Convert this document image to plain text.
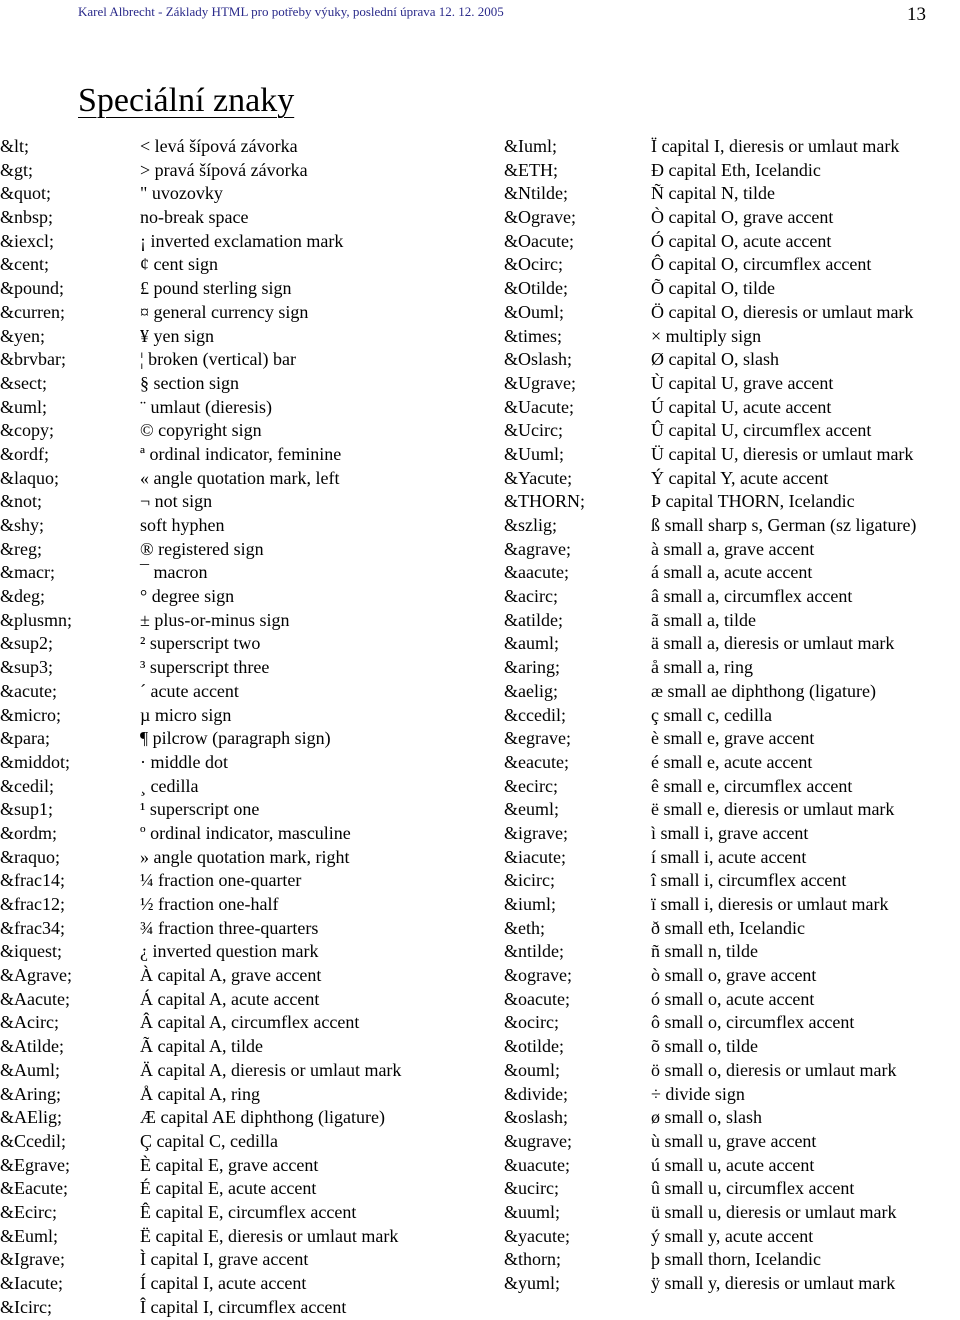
Karel Albrecht - Základy HTML pro potřeby výuky, poslední úprava 12. 12. 2005	13
Speciální znaky
&lt;	< levá šípová závorka
&gt;	> pravá šípová závorka
&quot;	" uvozovky
&nbsp;	no-break space
&iexcl;	¡ inverted exclamation mark
&cent;	¢ cent sign
&pound;	£ pound sterling sign
&curren;	¤ general currency sign
&yen;	¥ yen sign
&brvbar;	¦ broken (vertical) bar
&sect;	§ section sign
&uml;	¨ umlaut (dieresis)
&copy;	© copyright sign
&ordf;	ª ordinal indicator, feminine
&laquo;	« angle quotation mark, left
&not;	¬ not sign
&shy;	soft hyphen
&reg;	® registered sign
&macr;	¯ macron
&deg;	° degree sign
&plusmn;	± plus-or-minus sign
&sup2;	² superscript two
&sup3;	³ superscript three
&acute;	´ acute accent
&micro;	µ micro sign
&para;	¶ pilcrow (paragraph sign)
&middot;	· middle dot
&cedil;	¸ cedilla
&sup1;	¹ superscript one
&ordm;	º ordinal indicator, masculine
&raquo;	» angle quotation mark, right
&frac14;	¼ fraction one-quarter
&frac12;	½ fraction one-half
&frac34;	¾ fraction three-quarters
&iquest;	¿ inverted question mark
&Agrave;	À capital A, grave accent
&Aacute;	Á capital A, acute accent
&Acirc;	Â capital A, circumflex accent
&Atilde;	Ã capital A, tilde
&Auml;	Ä capital A, dieresis or umlaut mark
&Aring;	Å capital A, ring
&AElig;	Æ capital AE diphthong (ligature)
&Ccedil;	Ç capital C, cedilla
&Egrave;	È capital E, grave accent
&Eacute;	É capital E, acute accent
&Ecirc;	Ê capital E, circumflex accent
&Euml;	Ë capital E, dieresis or umlaut mark
&Igrave;	Ì capital I, grave accent
&Iacute;	Í capital I, acute accent
&Icirc;	Î capital I, circumflex accent
&Iuml;	Ï capital I, dieresis or umlaut mark
&ETH;	Ð capital Eth, Icelandic
&Ntilde;	Ñ capital N, tilde
&Ograve;	Ò capital O, grave accent
&Oacute;	Ó capital O, acute accent
&Ocirc;	Ô capital O, circumflex accent
&Otilde;	Õ capital O, tilde
&Ouml;	Ö capital O, dieresis or umlaut mark
&times;	× multiply sign
&Oslash;	Ø capital O, slash
&Ugrave;	Ù capital U, grave accent
&Uacute;	Ú capital U, acute accent
&Ucirc;	Û capital U, circumflex accent
&Uuml;	Ü capital U, dieresis or umlaut mark
&Yacute;	Ý capital Y, acute accent
&THORN;	Þ capital THORN, Icelandic
&szlig;	ß small sharp s, German (sz ligature)
&agrave;	à small a, grave accent
&aacute;	á small a, acute accent
&acirc;	â small a, circumflex accent
&atilde;	ã small a, tilde
&auml;	ä small a, dieresis or umlaut mark
&aring;	å small a, ring
&aelig;	æ small ae diphthong (ligature)
&ccedil;	ç small c, cedilla
&egrave;	è small e, grave accent
&eacute;	é small e, acute accent
&ecirc;	ê small e, circumflex accent
&euml;	ë small e, dieresis or umlaut mark
&igrave;	ì small i, grave accent
&iacute;	í small i, acute accent
&icirc;	î small i, circumflex accent
&iuml;	ï small i, dieresis or umlaut mark
&eth;	ð small eth, Icelandic
&ntilde;	ñ small n, tilde
&ograve;	ò small o, grave accent
&oacute;	ó small o, acute accent
&ocirc;	ô small o, circumflex accent
&otilde;	õ small o, tilde
&ouml;	ö small o, dieresis or umlaut mark
&divide;	÷ divide sign
&oslash;	ø small o, slash
&ugrave;	ù small u, grave accent
&uacute;	ú small u, acute accent
&ucirc;	û small u, circumflex accent
&uuml;	ü small u, dieresis or umlaut mark
&yacute;	ý small y, acute accent
&thorn;	þ small thorn, Icelandic
&yuml;	ÿ small y, dieresis or umlaut mark
